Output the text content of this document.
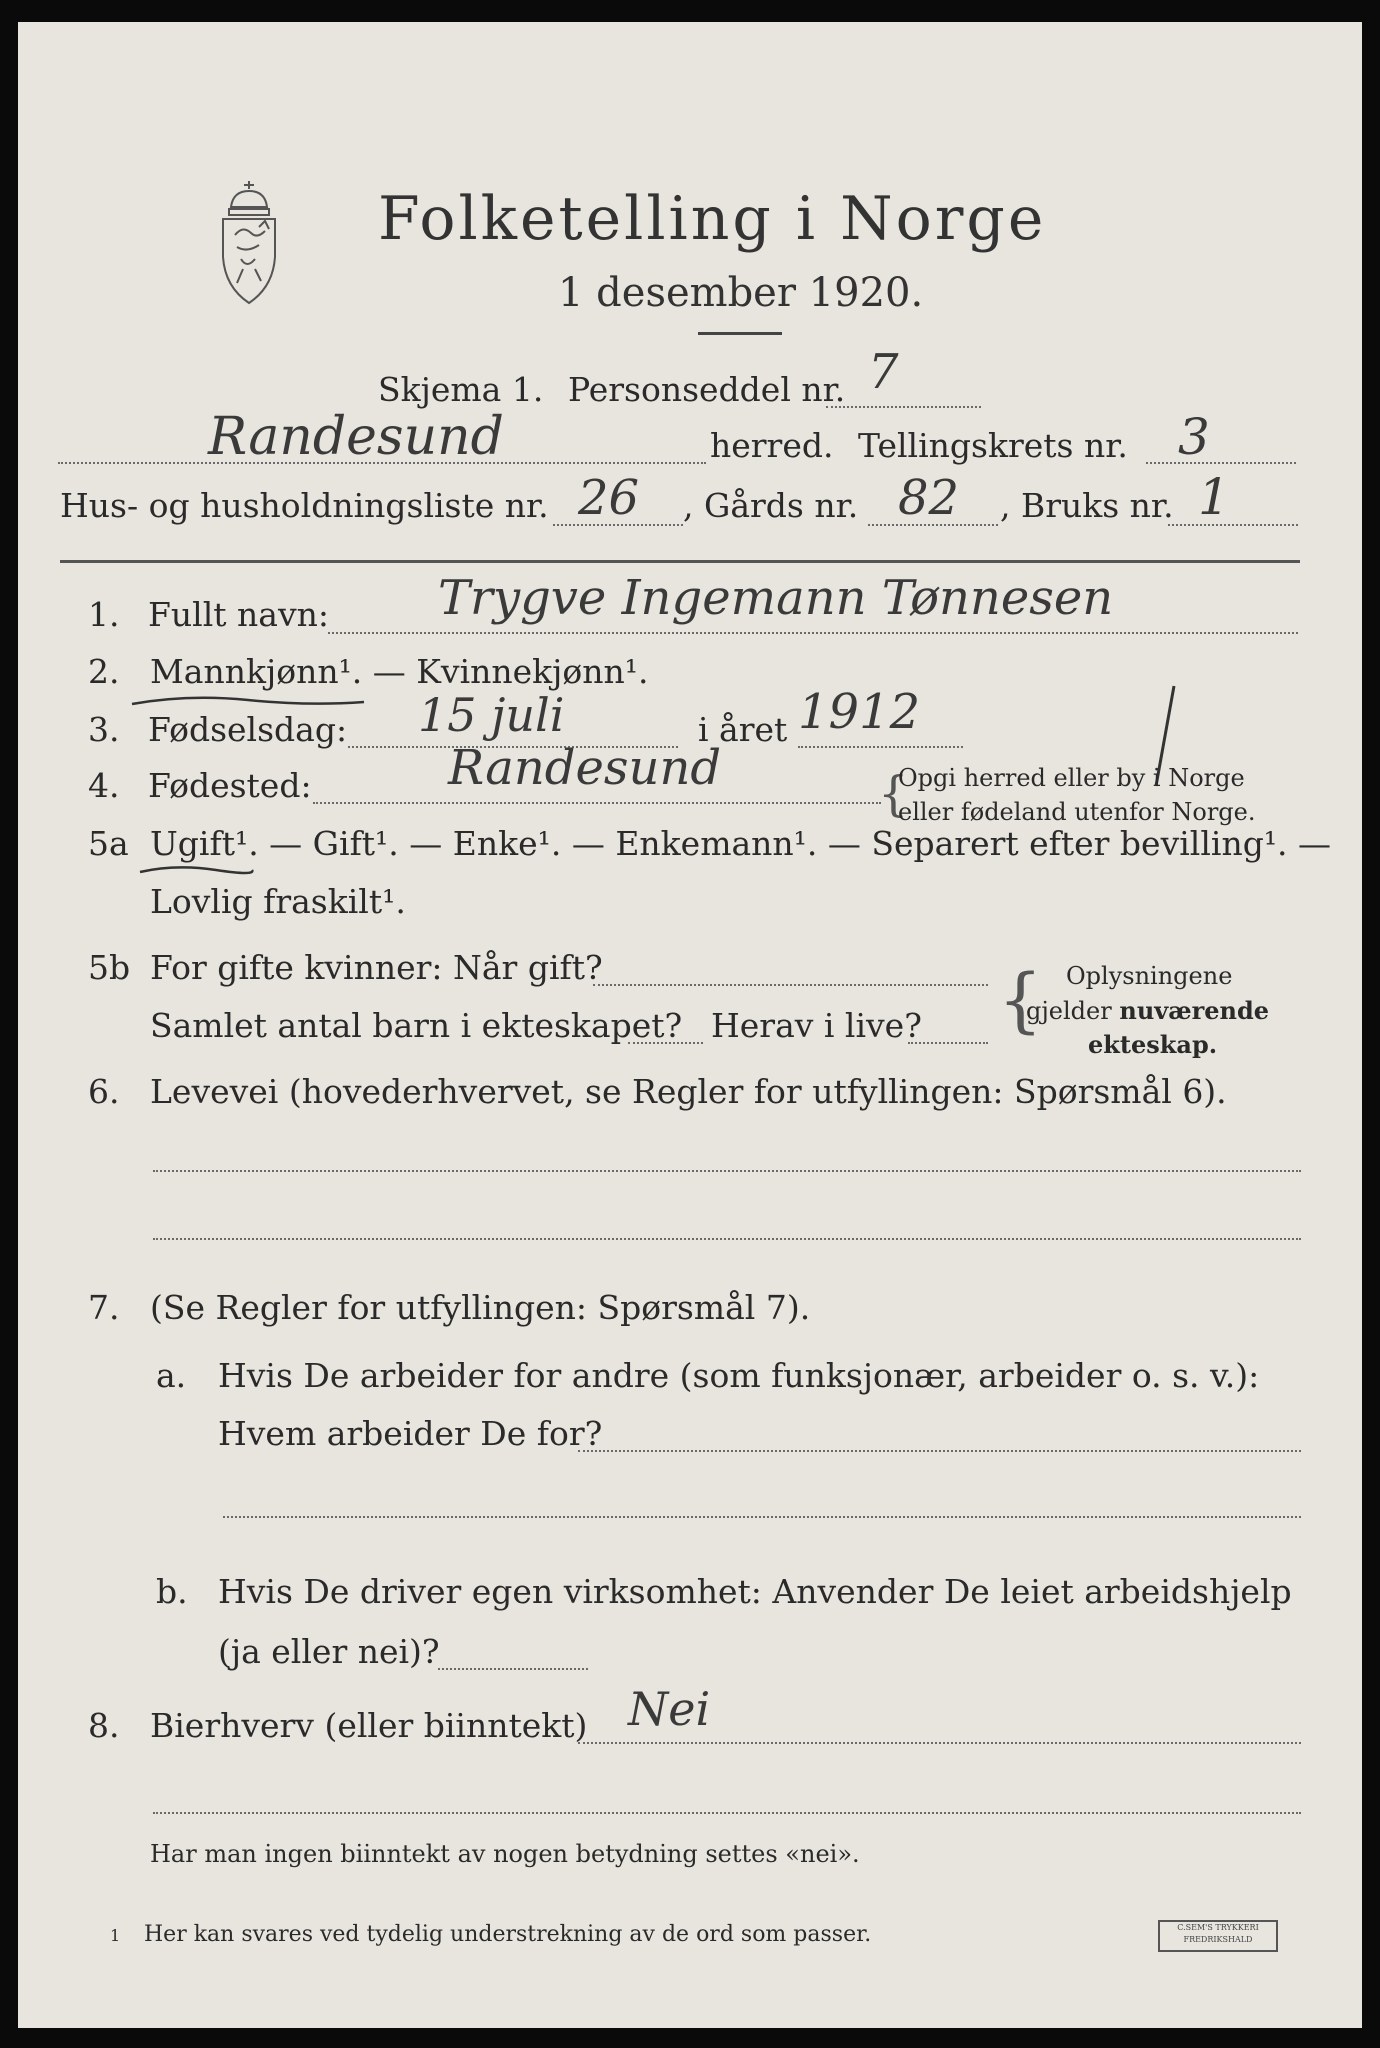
Folketelling i Norge
1 desember 1920.

Skjema 1. Personseddel nr. 7
Randesund	herred. Tellingskrets nr. 3
Hus- og husholdningsliste nr. 26 , Gårds nr. 82 , Bruks nr. 1
1. Fullt navn: Trygve Ingemann Tønnesen
2. Mannkjønn¹. — Kvinnekjønn¹.
3. Fødselsdag: 15 juli	i året 1912
4. Fødested:	Randesund	{
Opgi herred eller by i Norge
eller fødeland utenfor Norge.
5a Ugift¹. — Gift¹. — Enke¹. — Enkemann¹. — Separert efter bevilling¹. —
Lovlig fraskilt¹.
5b For gifte kvinner: Når gift?
Samlet antal barn i ekteskapet? Herav i live? { Oplysningene
gjelder nuværende
ekteskap.
6. Levevei (hovederhvervet, se Regler for utfyllingen: Spørsmål 6).
7. (Se Regler for utfyllingen: Spørsmål 7).
a. Hvis De arbeider for andre (som funksjonær, arbeider o. s. v.):
Hvem arbeider De for?
b. Hvis De driver egen virksomhet: Anvender De leiet arbeidshjelp
(ja eller nei)?
8. Bierhverv (eller biinntekt) Nei
Har man ingen biinntekt av nogen betydning settes «nei».
1 Her kan svares ved tydelig understrekning av de ord som passer.	C.SEM'S TRYKKERI
FREDRIKSHALD
